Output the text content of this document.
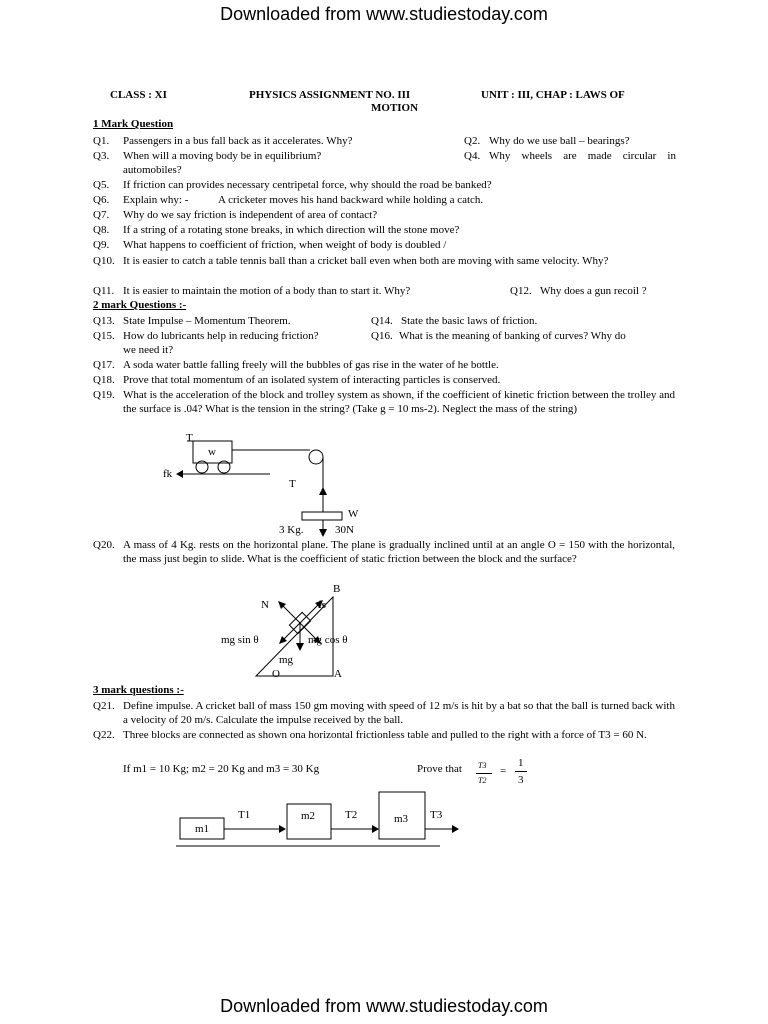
Downloaded from www.studiestoday.com
Downloaded from www.studiestoday.com
CLASS : XI	PHYSICS ASSIGNMENT NO. III	UNIT : III, CHAP : LAWS OF
MOTION
1 Mark Question
2 mark Questions :-
3 mark questions :-
Q1. Passengers in a bus fall back as it accelerates. Why?	Q2. Why do we use ball – bearings?
Q3. When will a moving body be in equilibrium?	Q4. Why wheels are made circular in
automobiles?
Q5. If friction can provides necessary centripetal force, why should the road be banked?
Q6. Explain why: -           A cricketer moves his hand backward while holding a catch.
Q7. Why do we say friction is independent of area of contact?
Q8. If a string of a rotating stone breaks, in which direction will the stone move?
Q9. What happens to coefficient of friction, when weight of body is doubled /
Q10. It is easier to catch a table tennis ball than a cricket ball even when both are moving with same velocity. Why?
Q11. It is easier to maintain the motion of a body than to start it. Why?	Q12. Why does a gun recoil ?
Q13. State Impulse – Momentum Theorem.	Q14. State the basic laws of friction.
Q15. How do lubricants help in reducing friction?	Q16. What is the meaning of banking of curves? Why do
we need it?
Q17. A soda water battle falling freely will the bubbles of gas rise in the water of he bottle.
Q18. Prove that total momentum of an isolated system of interacting particles is conserved.
Q19. What is the acceleration of the block and trolley system as shown, if the coefficient of kinetic friction between the trolley and the surface is .04? What is the tension in the string? (Take g = 10 ms-2). Neglect the mass of the string)
T
w
fk
T
W
3 Kg.	30N
Q20. A mass of 4 Kg. rests on the horizontal plane. The plane is gradually inclined until at an angle O = 150 with the horizontal, the mass just begin to slide. What is the coefficient of static friction between the block and the surface?
B
N	fs
mg sin θ	mg cos θ
mg
O	A
Q21. Define impulse. A cricket ball of mass 150 gm moving with speed of 12 m/s is hit by a bat so that the ball is turned back with a velocity of 20 m/s. Calculate the impulse received by the ball.
Q22. Three blocks are connected as shown ona horizontal frictionless table and pulled to the right with a force of T3 = 60 N.
If m1 = 10 Kg; m2 = 20 Kg and m3 = 30 Kg	Prove that T3
T2
=
1
3
m1
m2	m3
T1	T2	T3
